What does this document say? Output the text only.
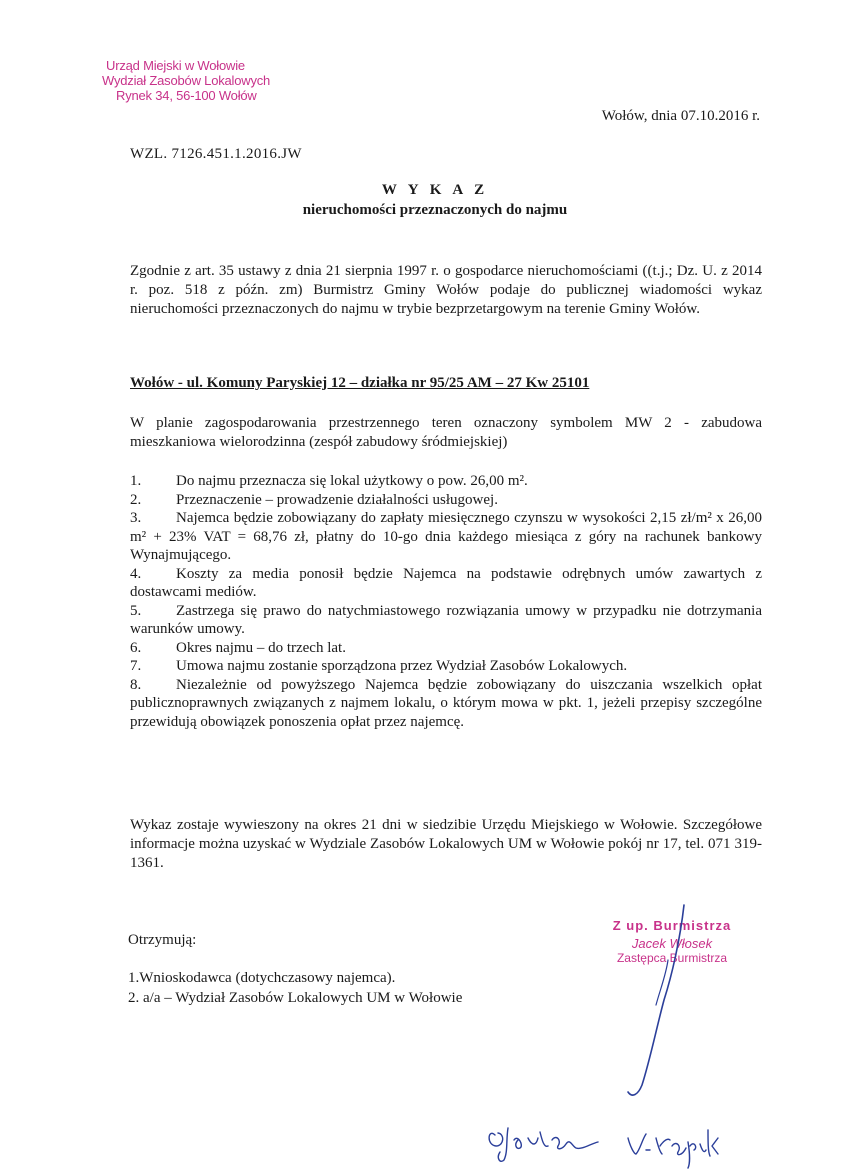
Urząd Miejski w Wołowie
Wydział Zasobów Lokalowych
Rynek 34, 56-100 Wołów
Wołów, dnia 07.10.2016 r.
WZL. 7126.451.1.2016.JW
W Y K A Z
nieruchomości przeznaczonych do najmu
Zgodnie z art. 35 ustawy z dnia 21 sierpnia 1997 r. o gospodarce nieruchomościami ((t.j.; Dz. U. z 2014 r. poz. 518 z późn. zm) Burmistrz Gminy Wołów podaje do publicznej wiadomości wykaz nieruchomości przeznaczonych do najmu w trybie bezprzetargowym na terenie Gminy Wołów.
Wołów - ul. Komuny Paryskiej 12 – działka nr 95/25 AM – 27 Kw 25101
W planie zagospodarowania przestrzennego teren oznaczony symbolem MW 2 - zabudowa mieszkaniowa wielorodzinna (zespół zabudowy śródmiejskiej)
1.	Do najmu przeznacza się lokal użytkowy o pow. 26,00 m².
2.	Przeznaczenie – prowadzenie działalności usługowej.
3.	Najemca będzie zobowiązany do zapłaty miesięcznego czynszu w wysokości 2,15 zł/m² x 26,00 m² + 23% VAT = 68,76 zł, płatny do 10-go dnia każdego miesiąca z góry na rachunek bankowy Wynajmującego.
4.	Koszty za media ponosił będzie Najemca na podstawie odrębnych umów zawartych z dostawcami mediów.
5.	Zastrzega się prawo do natychmiastowego rozwiązania umowy w przypadku nie dotrzymania warunków umowy.
6.	Okres najmu – do trzech lat.
7.	Umowa najmu zostanie sporządzona przez Wydział Zasobów Lokalowych.
8.	Niezależnie od powyższego Najemca będzie zobowiązany do uiszczania wszelkich opłat publicznoprawnych związanych z najmem lokalu, o którym mowa w pkt. 1, jeżeli przepisy szczególne przewidują obowiązek ponoszenia opłat przez najemcę.
Wykaz zostaje wywieszony na okres 21 dni w siedzibie Urzędu Miejskiego w Wołowie. Szczegółowe informacje można uzyskać w Wydziale Zasobów Lokalowych UM w Wołowie pokój nr 17, tel. 071 319-1361.
Otrzymują:
1.Wnioskodawca (dotychczasowy najemca).
2. a/a – Wydział Zasobów Lokalowych UM w Wołowie
Z up. Burmistrza
Jacek Włosek
Zastępca Burmistrza
